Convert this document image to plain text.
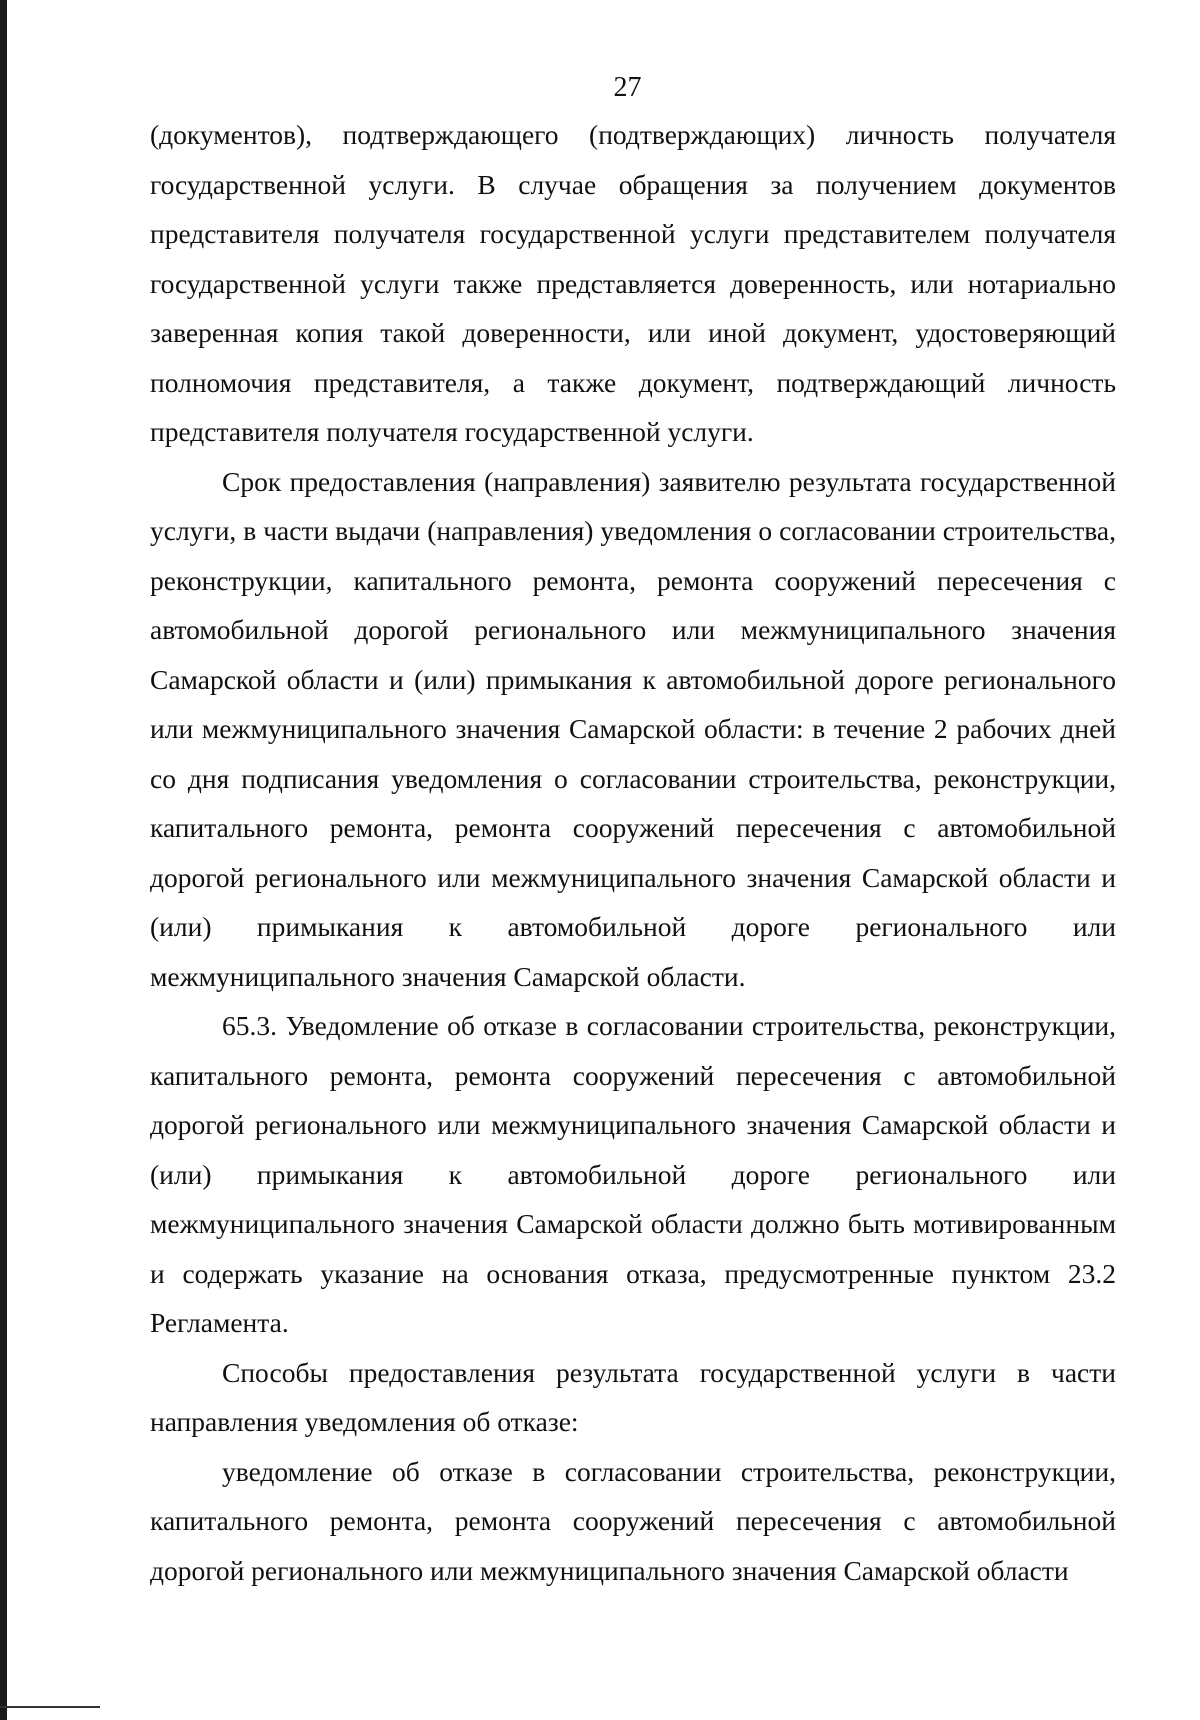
27

(документов), подтверждающего (подтверждающих) личность получателя государственной услуги. В случае обращения за получением документов представителя получателя государственной услуги представителем получателя государственной услуги также представляется доверенность, или нотариально заверенная копия такой доверенности, или иной документ, удостоверяющий полномочия представителя, а также документ, подтверждающий личность представителя получателя государственной услуги.

Срок предоставления (направления) заявителю результата государственной услуги, в части выдачи (направления) уведомления о согласовании строительства, реконструкции, капитального ремонта, ремонта сооружений пересечения с автомобильной дорогой регионального или межмуниципального значения Самарской области и (или) примыкания к автомобильной дороге регионального или межмуниципального значения Самарской области: в течение 2 рабочих дней со дня подписания уведомления о согласовании строительства, реконструкции, капитального ремонта, ремонта сооружений пересечения с автомобильной дорогой регионального или межмуниципального значения Самарской области и (или) примыкания к автомобильной дороге регионального или межмуниципального значения Самарской области.

65.3. Уведомление об отказе в согласовании строительства, реконструкции, капитального ремонта, ремонта сооружений пересечения с автомобильной дорогой регионального или межмуниципального значения Самарской области и (или) примыкания к автомобильной дороге регионального или межмуниципального значения Самарской области должно быть мотивированным и содержать указание на основания отказа, предусмотренные пунктом 23.2 Регламента.

Способы предоставления результата государственной услуги в части направления уведомления об отказе:

уведомление об отказе в согласовании строительства, реконструкции, капитального ремонта, ремонта сооружений пересечения с автомобильной дорогой регионального или межмуниципального значения Самарской области
